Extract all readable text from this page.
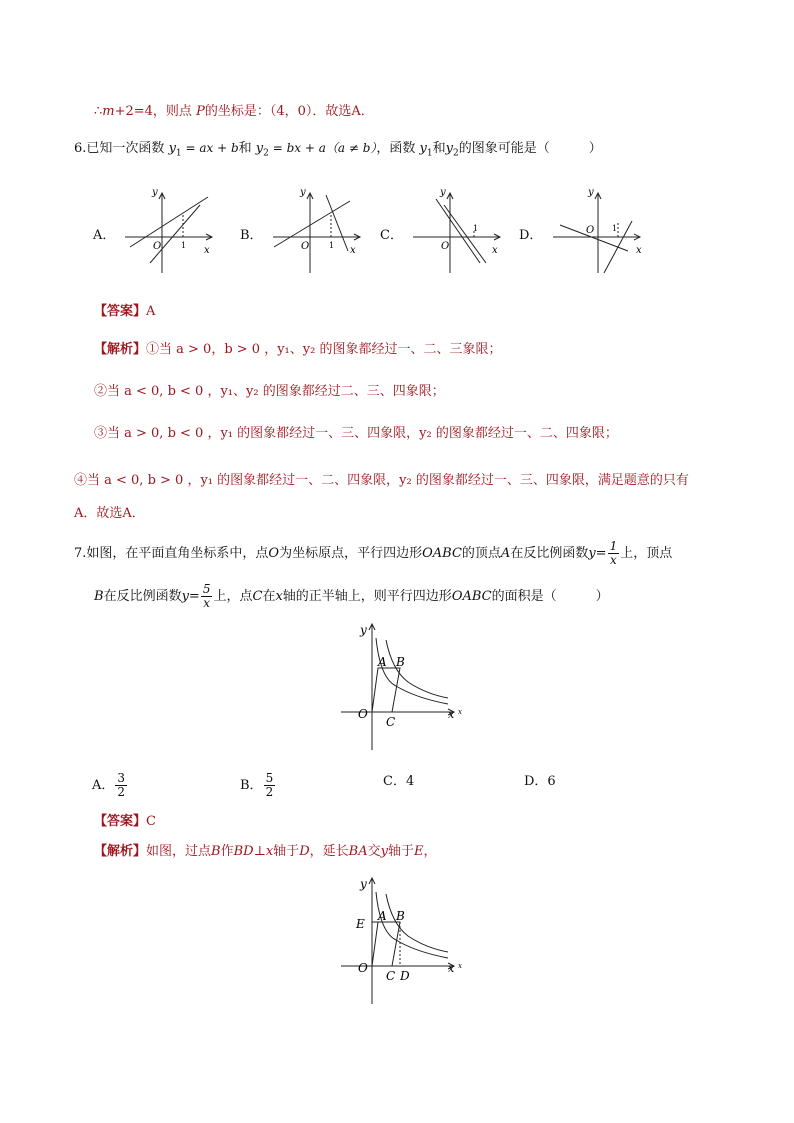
∴m+2=4，则点 P的坐标是：（4，0）．故选A．
6.已知一次函数 $y_1$ = ax + b和 $y_2$ = bx + a（a ≠ b），函数 $y_1$和$y_2$的图象可能是（　　　）
A．	B．	C．	D．
y
x
O 1
y
x
O 1
y
x
O
1
y
x
O 1
【答案】A
【解析】①当 a > 0，b > 0 ，y₁、y₂ 的图象都经过一、二、三象限；
②当 a < 0, b < 0 ，y₁、y₂ 的图象都经过二、三、四象限；
③当 a > 0, b < 0 ，y₁ 的图象都经过一、三、四象限，y₂ 的图象都经过一、二、四象限；
④当 a < 0, b > 0 ，y₁ 的图象都经过一、二、四象限，y₂ 的图象都经过一、三、四象限，满足题意的只有
A．故选A．
7.如图，在平面直角坐标系中，点O为坐标原点，平行四边形OABC的顶点A在反比例函数$y= \frac{1}{x}$ 上，顶点
B在反比例函数$y= \frac{5}{x}$ 上，点C在x轴的正半轴上，则平行四边形OABC的面积是（　　　）
y
x x
O
A B
C
A． $\frac{3}{2}$	B． $\frac{5}{2}$	C．4	D．6
【答案】C
【解析】如图，过点B作BD⊥x轴于D，延长BA交y轴于E，
y
x x
O
E
A B
C D
